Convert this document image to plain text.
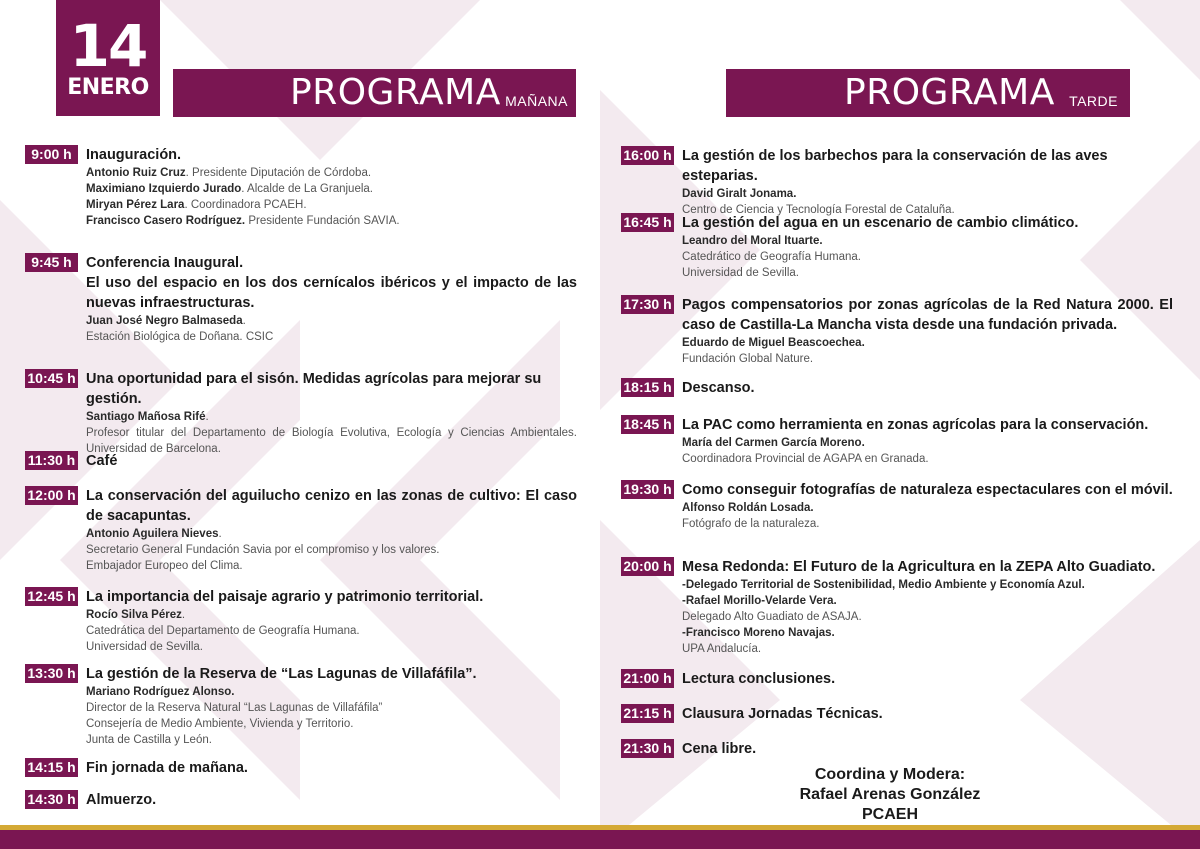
14
ENERO	PROGRAMA MAÑANA	PROGRAMA TARDE
9:00 h Inauguración.
Antonio Ruiz Cruz. Presidente Diputación de Córdoba.
Maximiano Izquierdo Jurado. Alcalde de La Granjuela.
Miryan Pérez Lara. Coordinadora PCAEH.
Francisco Casero Rodríguez. Presidente Fundación SAVIA.
9:45 h Conferencia Inaugural.
El uso del espacio en los dos cernícalos ibéricos y el impacto de las nuevas infraestructuras.
Juan José Negro Balmaseda.
Estación Biológica de Doñana. CSIC
10:45 h Una oportunidad para el sisón. Medidas agrícolas para mejorar su gestión.
Santiago Mañosa Rifé.
Profesor titular del Departamento de Biología Evolutiva, Ecología y Ciencias Ambientales. Universidad de Barcelona.
11:30 h Café
12:00 h La conservación del aguilucho cenizo en las zonas de cultivo: El caso de sacapuntas.
Antonio Aguilera Nieves.
Secretario General Fundación Savia por el compromiso y los valores.
Embajador Europeo del Clima.
12:45 h La importancia del paisaje agrario y patrimonio territorial.
Rocío Silva Pérez.
Catedrática del Departamento de Geografía Humana.
Universidad de Sevilla.
13:30 h La gestión de la Reserva de “Las Lagunas de Villafáfila”.
Mariano Rodríguez Alonso.
Director de la Reserva Natural “Las Lagunas de Villafáfila”
Consejería de Medio Ambiente, Vivienda y Territorio.
Junta de Castilla y León.
14:15 h Fin jornada de mañana.
14:30 h Almuerzo.
16:00 h La gestión de los barbechos para la conservación de las aves esteparias.
David Giralt Jonama.
Centro de Ciencia y Tecnología Forestal de Cataluña.
16:45 h La gestión del agua en un escenario de cambio climático.
Leandro del Moral Ituarte.
Catedrático de Geografía Humana.
Universidad de Sevilla.
17:30 h Pagos compensatorios por zonas agrícolas de la Red Natura 2000. El caso de Castilla-La Mancha vista desde una fundación privada.
Eduardo de Miguel Beascoechea.
Fundación Global Nature.
18:15 h Descanso.
18:45 h La PAC como herramienta en zonas agrícolas para la conservación.
María del Carmen García Moreno.
Coordinadora Provincial de AGAPA en Granada.
19:30 h Como conseguir fotografías de naturaleza espectaculares con el móvil.
Alfonso Roldán Losada.
Fotógrafo de la naturaleza.
20:00 h Mesa Redonda: El Futuro de la Agricultura en la ZEPA Alto Guadiato.
-Delegado Territorial de Sostenibilidad, Medio Ambiente y Economía Azul.
-Rafael Morillo-Velarde Vera.
Delegado Alto Guadiato de ASAJA.
-Francisco Moreno Navajas.
UPA Andalucía.
21:00 h Lectura conclusiones.
21:15 h Clausura Jornadas Técnicas.
21:30 h Cena libre.
Coordina y Modera:
Rafael Arenas González
PCAEH
